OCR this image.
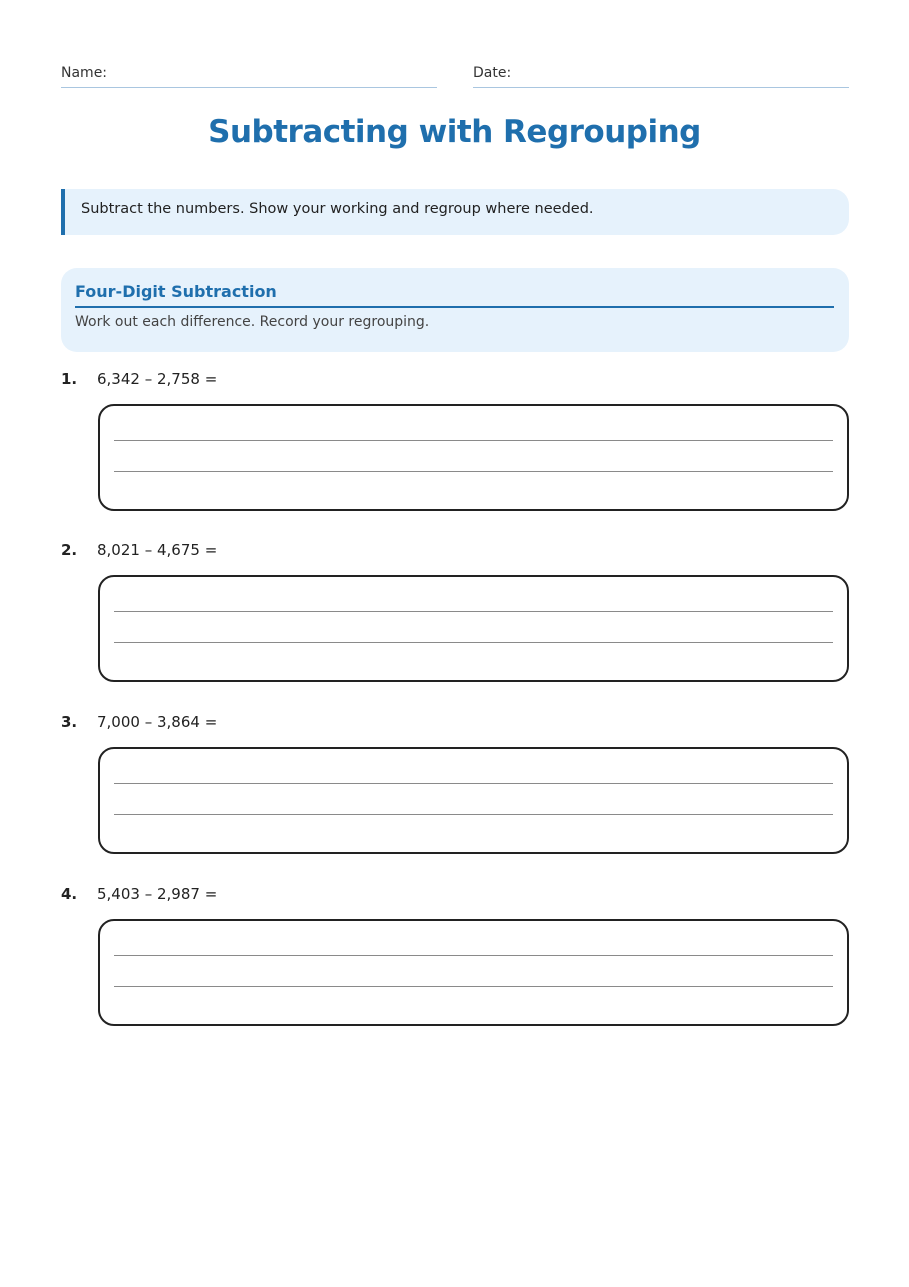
Name:	Date:
Subtracting with Regrouping
Subtract the numbers. Show your working and regroup where needed.
Four-Digit Subtraction
Work out each difference. Record your regrouping.
1. 6,342 – 2,758 =
2. 8,021 – 4,675 =
3. 7,000 – 3,864 =
4. 5,403 – 2,987 =
